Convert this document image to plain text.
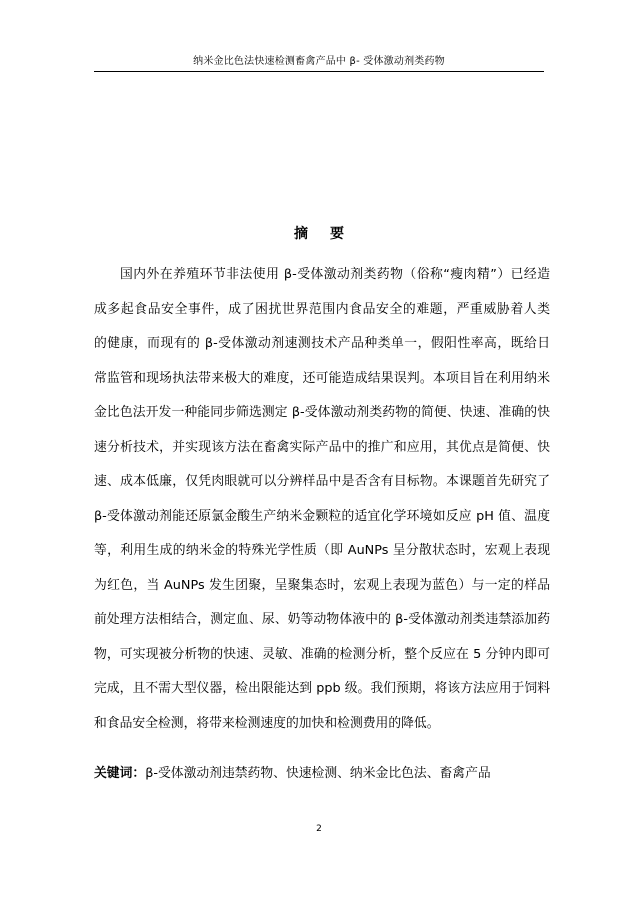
纳米金比色法快速检测畜禽产品中 β- 受体激动剂类药物
摘 要
国内外在养殖环节非法使用 β-受体激动剂类药物（俗称“瘦肉精”）已经造
成多起食品安全事件，成了困扰世界范围内食品安全的难题，严重威胁着人类
的健康，而现有的 β-受体激动剂速测技术产品种类单一，假阳性率高，既给日
常监管和现场执法带来极大的难度，还可能造成结果误判。本项目旨在利用纳米
金比色法开发一种能同步筛选测定 β-受体激动剂类药物的简便、快速、准确的快
速分析技术，并实现该方法在畜禽实际产品中的推广和应用，其优点是简便、快
速、成本低廉，仅凭肉眼就可以分辨样品中是否含有目标物。本课题首先研究了
β-受体激动剂能还原氯金酸生产纳米金颗粒的适宜化学环境如反应 pH 值、温度
等，利用生成的纳米金的特殊光学性质（即 AuNPs 呈分散状态时，宏观上表现
为红色，当 AuNPs 发生团聚，呈聚集态时，宏观上表现为蓝色）与一定的样品
前处理方法相结合，测定血、尿、奶等动物体液中的 β-受体激动剂类违禁添加药
物，可实现被分析物的快速、灵敏、准确的检测分析，整个反应在 5 分钟内即可
完成，且不需大型仪器，检出限能达到 ppb 级。我们预期，将该方法应用于饲料
和食品安全检测，将带来检测速度的加快和检测费用的降低。
关键词：β-受体激动剂违禁药物、快速检测、纳米金比色法、畜禽产品
2
